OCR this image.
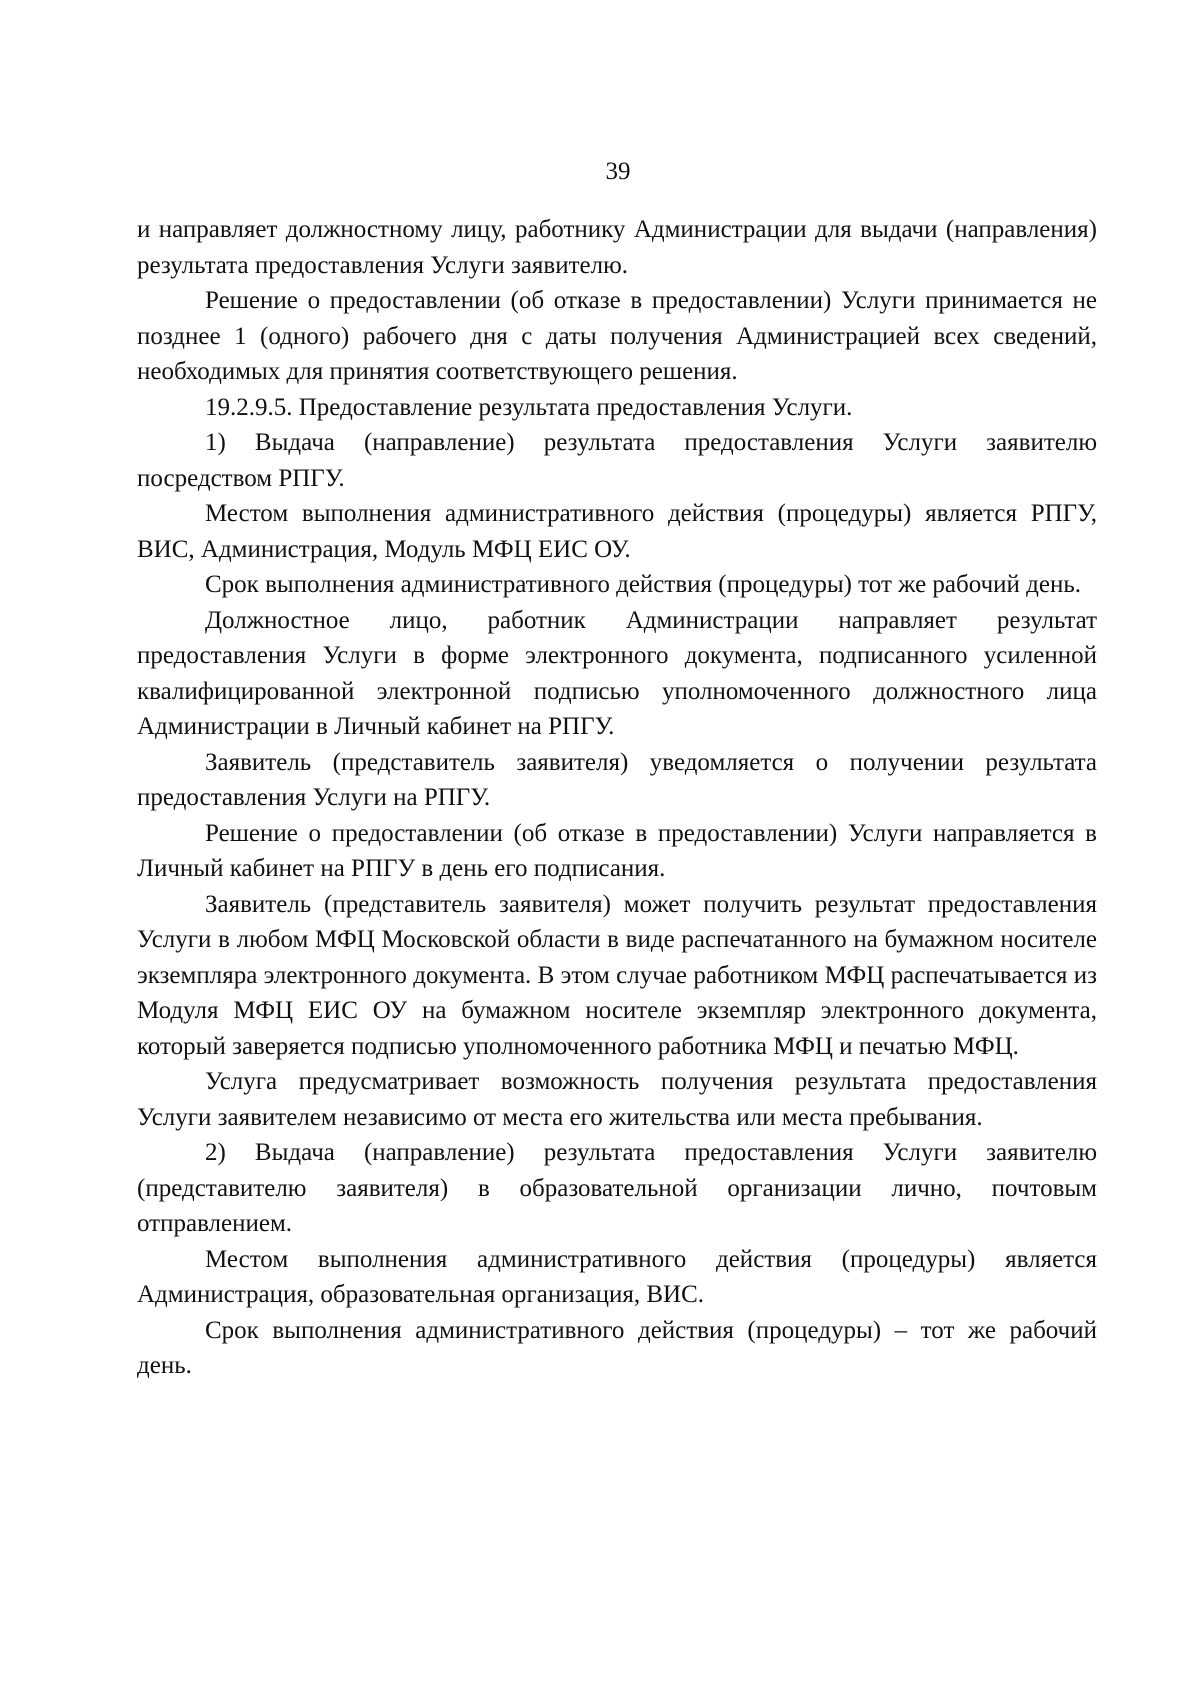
39

и направляет должностному лицу, работнику Администрации для выдачи (направления) результата предоставления Услуги заявителю.

Решение о предоставлении (об отказе в предоставлении) Услуги принимается не позднее 1 (одного) рабочего дня с даты получения Администрацией всех сведений, необходимых для принятия соответствующего решения.

19.2.9.5. Предоставление результата предоставления Услуги.

1) Выдача (направление) результата предоставления Услуги заявителю посредством РПГУ.

Местом выполнения административного действия (процедуры) является РПГУ, ВИС, Администрация, Модуль МФЦ ЕИС ОУ.

Срок выполнения административного действия (процедуры) тот же рабочий день.

Должностное лицо, работник Администрации направляет результат предоставления Услуги в форме электронного документа, подписанного усиленной квалифицированной электронной подписью уполномоченного должностного лица Администрации в Личный кабинет на РПГУ.

Заявитель (представитель заявителя) уведомляется о получении результата предоставления Услуги на РПГУ.

Решение о предоставлении (об отказе в предоставлении) Услуги направляется в Личный кабинет на РПГУ в день его подписания.

Заявитель (представитель заявителя) может получить результат предоставления Услуги в любом МФЦ Московской области в виде распечатанного на бумажном носителе экземпляра электронного документа. В этом случае работником МФЦ распечатывается из Модуля МФЦ ЕИС ОУ на бумажном носителе экземпляр электронного документа, который заверяется подписью уполномоченного работника МФЦ и печатью МФЦ.

Услуга предусматривает возможность получения результата предоставления Услуги заявителем независимо от места его жительства или места пребывания.

2) Выдача (направление) результата предоставления Услуги заявителю (представителю заявителя) в образовательной организации лично, почтовым отправлением.

Местом выполнения административного действия (процедуры) является Администрация, образовательная организация, ВИС.

Срок выполнения административного действия (процедуры) – тот же рабочий день.
